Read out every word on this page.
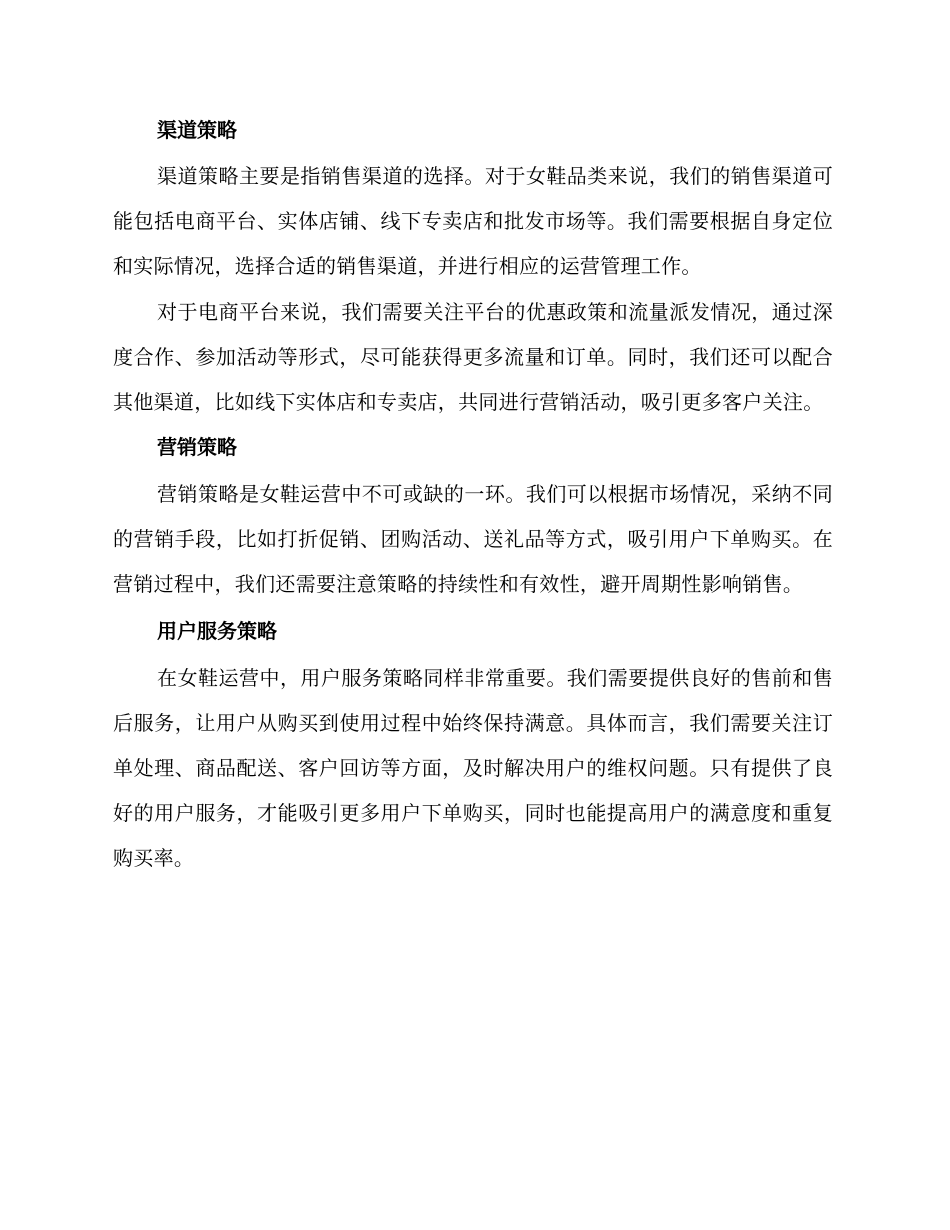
渠道策略

渠道策略主要是指销售渠道的选择。对于女鞋品类来说，我们的销售渠道可能包括电商平台、实体店铺、线下专卖店和批发市场等。我们需要根据自身定位和实际情况，选择合适的销售渠道，并进行相应的运营管理工作。

对于电商平台来说，我们需要关注平台的优惠政策和流量派发情况，通过深度合作、参加活动等形式，尽可能获得更多流量和订单。同时，我们还可以配合其他渠道，比如线下实体店和专卖店，共同进行营销活动，吸引更多客户关注。

营销策略

营销策略是女鞋运营中不可或缺的一环。我们可以根据市场情况，采纳不同的营销手段，比如打折促销、团购活动、送礼品等方式，吸引用户下单购买。在营销过程中，我们还需要注意策略的持续性和有效性，避开周期性影响销售。

用户服务策略

在女鞋运营中，用户服务策略同样非常重要。我们需要提供良好的售前和售后服务，让用户从购买到使用过程中始终保持满意。具体而言，我们需要关注订单处理、商品配送、客户回访等方面，及时解决用户的维权问题。只有提供了良好的用户服务，才能吸引更多用户下单购买，同时也能提高用户的满意度和重复购买率。
